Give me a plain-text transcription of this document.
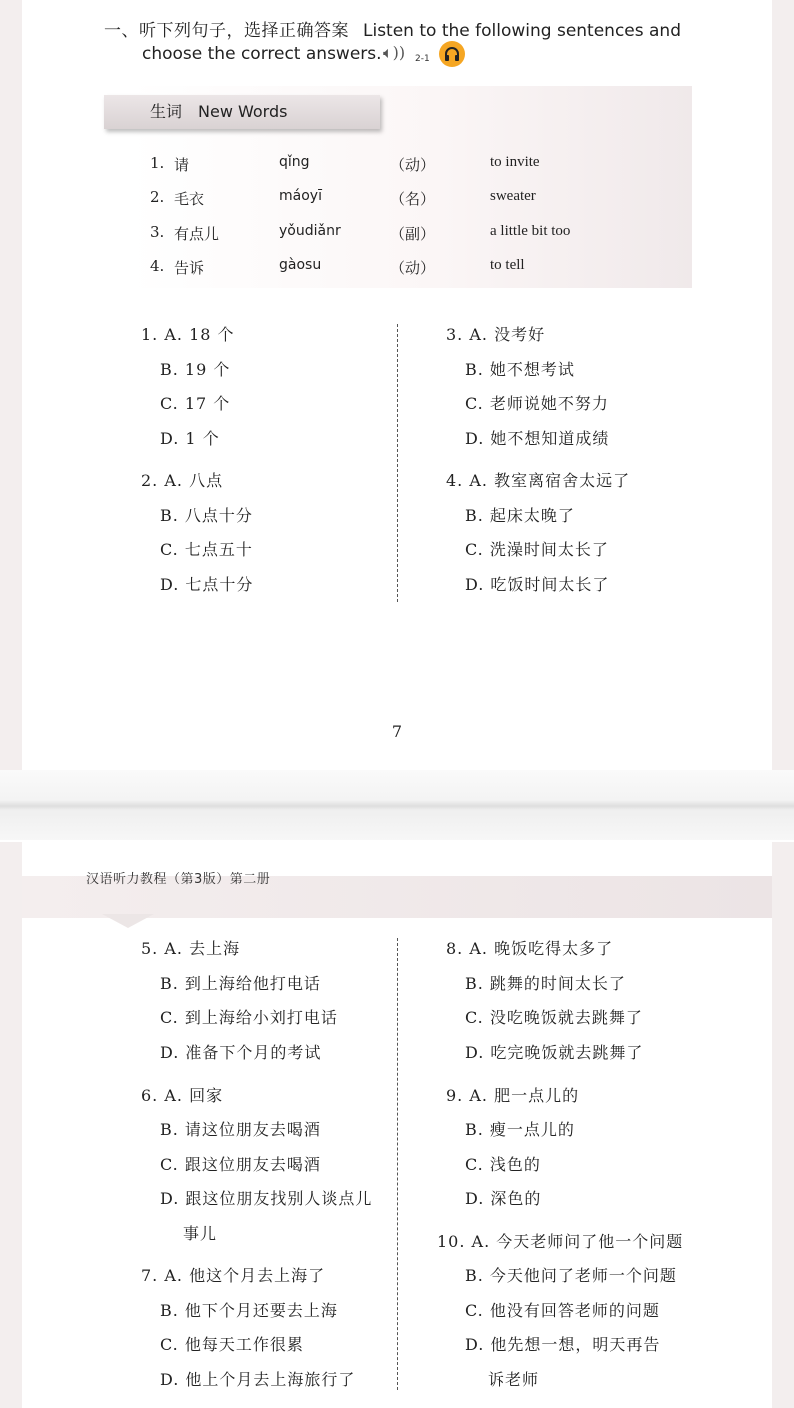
一、听下列句子，选择正确答案 Listen to the following sentences and
choose the correct answers. 🔈︎)) 2-1
生词　New Words
1. 请	qǐng	（动）	to invite
2. 毛衣	máoyī	（名）	sweater
3. 有点儿	yǒudiǎnr	（副）	a little bit too
4. 告诉	gàosu	（动）	to tell
1. A. 18 个
B. 19 个
C. 17 个
D. 1 个
2. A. 八点
B. 八点十分
C. 七点五十
D. 七点十分
3. A. 没考好
B. 她不想考试
C. 老师说她不努力
D. 她不想知道成绩
4. A. 教室离宿舍太远了
B. 起床太晚了
C. 洗澡时间太长了
D. 吃饭时间太长了
7
汉语听力教程（第3版）第二册
5. A. 去上海
B. 到上海给他打电话
C. 到上海给小刘打电话
D. 准备下个月的考试
6. A. 回家
B. 请这位朋友去喝酒
C. 跟这位朋友去喝酒
D. 跟这位朋友找别人谈点儿
事儿
7. A. 他这个月去上海了
B. 他下个月还要去上海
C. 他每天工作很累
D. 他上个月去上海旅行了
8. A. 晚饭吃得太多了
B. 跳舞的时间太长了
C. 没吃晚饭就去跳舞了
D. 吃完晚饭就去跳舞了
9. A. 肥一点儿的
B. 瘦一点儿的
C. 浅色的
D. 深色的
10. A. 今天老师问了他一个问题
B. 今天他问了老师一个问题
C. 他没有回答老师的问题
D. 他先想一想，明天再告
诉老师
